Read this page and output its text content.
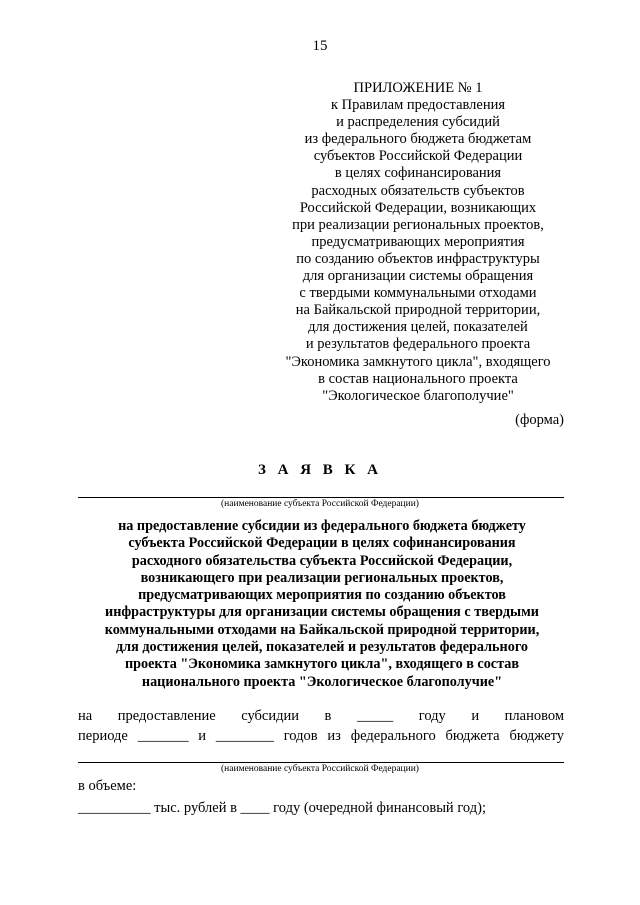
15
ПРИЛОЖЕНИЕ № 1
к Правилам предоставления
и распределения субсидий
из федерального бюджета бюджетам
субъектов Российской Федерации
в целях софинансирования
расходных обязательств субъектов
Российской Федерации, возникающих
при реализации региональных проектов,
предусматривающих мероприятия
по созданию объектов инфраструктуры
для организации системы обращения
с твердыми коммунальными отходами
на Байкальской природной территории,
для достижения целей, показателей
и результатов федерального проекта
"Экономика замкнутого цикла", входящего
в состав национального проекта
"Экологическое благополучие"
(форма)
З А Я В К А
(наименование субъекта Российской Федерации)
на предоставление субсидии из федерального бюджета бюджету
субъекта Российской Федерации в целях софинансирования
расходного обязательства субъекта Российской Федерации,
возникающего при реализации региональных проектов,
предусматривающих мероприятия по созданию объектов
инфраструктуры для организации системы обращения с твердыми
коммунальными отходами на Байкальской природной территории,
для достижения целей, показателей и результатов федерального
проекта "Экономика замкнутого цикла", входящего в состав
национального проекта "Экологическое благополучие"
на предоставление субсидии в _____ году и плановом
периоде _______ и ________ годов из федерального бюджета бюджету
(наименование субъекта Российской Федерации)
в объеме:
__________ тыс. рублей в ____ году (очередной финансовый год);
